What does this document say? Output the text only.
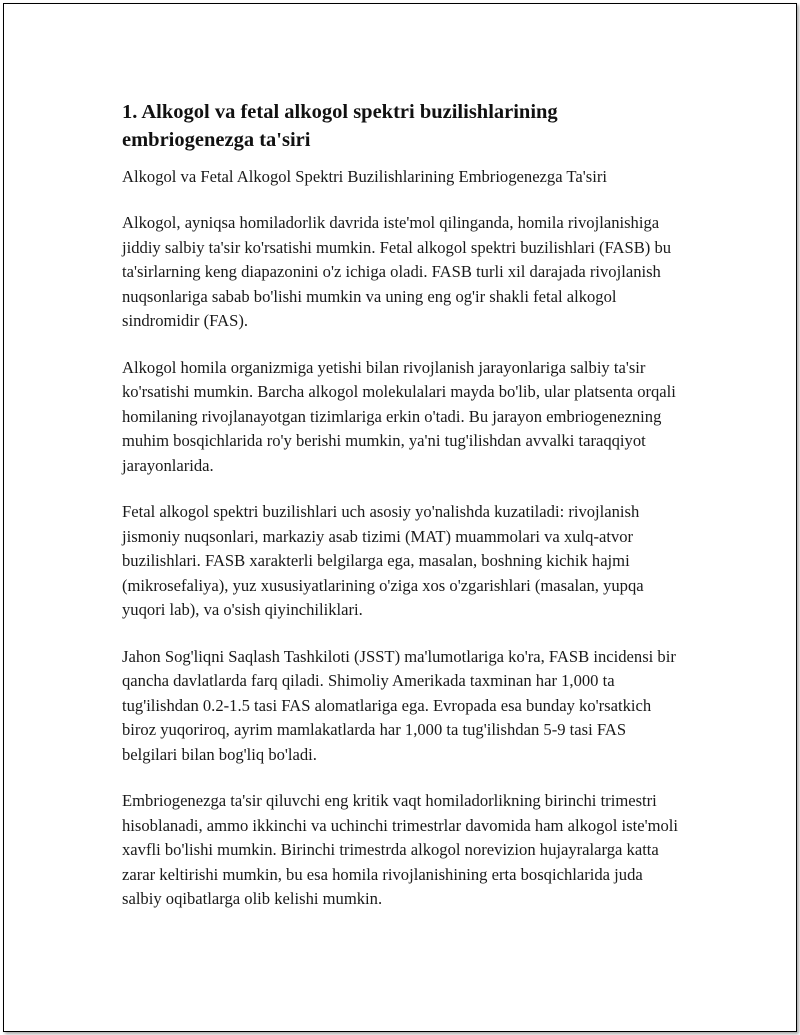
1. Alkogol va fetal alkogol spektri buzilishlarining embriogenezga ta'siri

Alkogol va Fetal Alkogol Spektri Buzilishlarining Embriogenezga Ta'siri

Alkogol, ayniqsa homiladorlik davrida iste'mol qilinganda, homila rivojlanishiga jiddiy salbiy ta'sir ko'rsatishi mumkin. Fetal alkogol spektri buzilishlari (FASB) bu ta'sirlarning keng diapazonini o'z ichiga oladi. FASB turli xil darajada rivojlanish nuqsonlariga sabab bo'lishi mumkin va uning eng og'ir shakli fetal alkogol sindromidir (FAS).

Alkogol homila organizmiga yetishi bilan rivojlanish jarayonlariga salbiy ta'sir ko'rsatishi mumkin. Barcha alkogol molekulalari mayda bo'lib, ular platsenta orqali homilaning rivojlanayotgan tizimlariga erkin o'tadi. Bu jarayon embriogenezning muhim bosqichlarida ro'y berishi mumkin, ya'ni tug'ilishdan avvalki taraqqiyot jarayonlarida.

Fetal alkogol spektri buzilishlari uch asosiy yo'nalishda kuzatiladi: rivojlanish jismoniy nuqsonlari, markaziy asab tizimi (MAT) muammolari va xulq-atvor buzilishlari. FASB xarakterli belgilarga ega, masalan, boshning kichik hajmi (mikrosefaliya), yuz xususiyatlarining o'ziga xos o'zgarishlari (masalan, yupqa yuqori lab), va o'sish qiyinchiliklari.

Jahon Sog'liqni Saqlash Tashkiloti (JSST) ma'lumotlariga ko'ra, FASB incidensi bir qancha davlatlarda farq qiladi. Shimoliy Amerikada taxminan har 1,000 ta tug'ilishdan 0.2-1.5 tasi FAS alomatlariga ega. Evropada esa bunday ko'rsatkich biroz yuqoriroq, ayrim mamlakatlarda har 1,000 ta tug'ilishdan 5-9 tasi FAS belgilari bilan bog'liq bo'ladi.

Embriogenezga ta'sir qiluvchi eng kritik vaqt homiladorlikning birinchi trimestri hisoblanadi, ammo ikkinchi va uchinchi trimestrlar davomida ham alkogol iste'moli xavfli bo'lishi mumkin. Birinchi trimestrda alkogol norevizion hujayralarga katta zarar keltirishi mumkin, bu esa homila rivojlanishining erta bosqichlarida juda salbiy oqibatlarga olib kelishi mumkin.
